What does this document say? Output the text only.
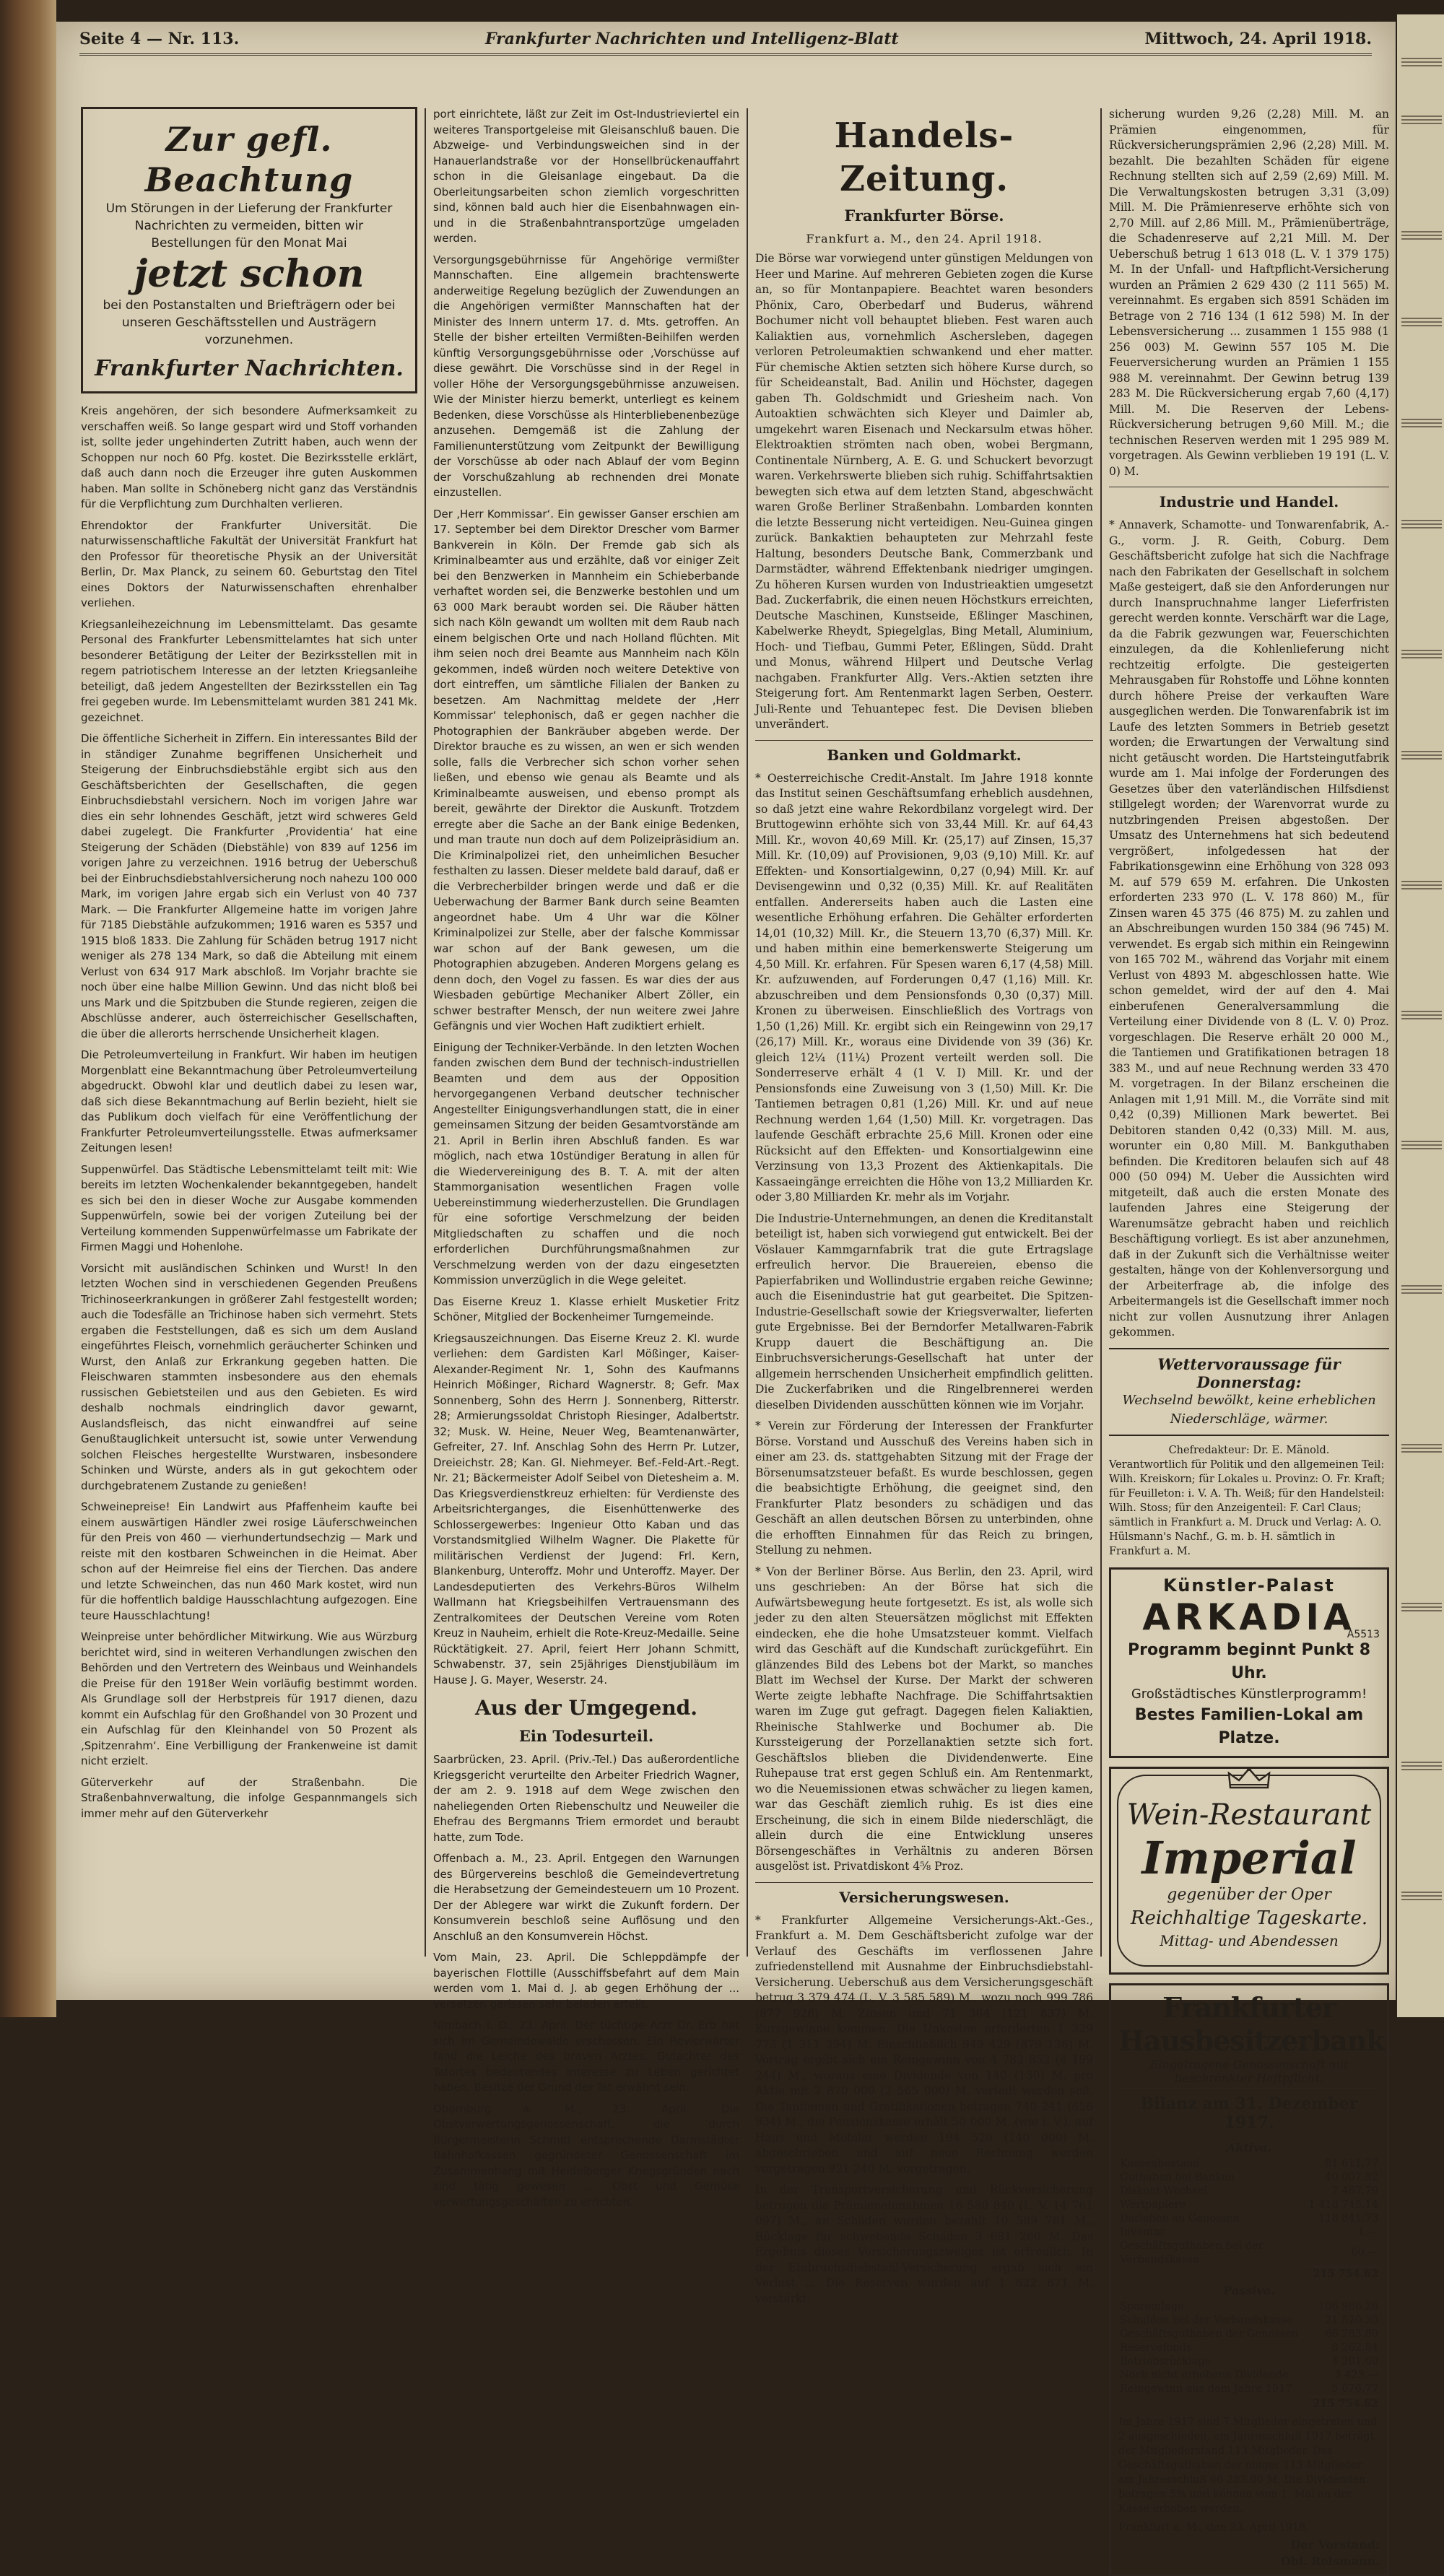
Seite 4 — Nr. 113.	Frankfurter Nachrichten und Intelligenz-Blatt	Mittwoch, 24. April 1918.
Zur gefl. Beachtung
Um Störungen in der Lieferung der Frankfurter Nachrichten zu vermeiden, bitten wir Bestellungen für den Monat Mai
jetzt schon
bei den Postanstalten und Briefträgern oder bei unseren Geschäftsstellen und Austrägern vorzunehmen.
Frankfurter Nachrichten.

Kreis angehören, der sich besondere Aufmerksamkeit zu verschaffen weiß. So lange gespart wird und Stoff vorhanden ist, sollte jeder ungehinderten Zutritt haben, auch wenn der Schoppen nur noch 60 Pfg. kostet. Die Bezirksstelle erklärt, daß auch dann noch die Erzeuger ihre guten Auskommen haben. Man sollte in Schöneberg nicht ganz das Verständnis für die Verpflichtung zum Durchhalten verlieren.

Ehrendoktor der Frankfurter Universität. Die naturwissenschaftliche Fakultät der Universität Frankfurt hat den Professor für theoretische Physik an der Universität Berlin, Dr. Max Planck, zu seinem 60. Geburtstag den Titel eines Doktors der Naturwissenschaften ehrenhalber verliehen.

Kriegsanleihezeichnung im Lebensmittelamt. Das gesamte Personal des Frankfurter Lebensmittelamtes hat sich unter besonderer Betätigung der Leiter der Bezirksstellen mit in regem patriotischem Interesse an der letzten Kriegsanleihe beteiligt, daß jedem Angestellten der Bezirksstellen ein Tag frei gegeben wurde. Im Lebensmittelamt wurden 381 241 Mk. gezeichnet.

Die öffentliche Sicherheit in Ziffern. Ein interessantes Bild der in ständiger Zunahme begriffenen Unsicherheit und Steigerung der Einbruchsdiebstähle ergibt sich aus den Geschäftsberichten der Gesellschaften, die gegen Einbruchsdiebstahl versichern. Noch im vorigen Jahre war dies ein sehr lohnendes Geschäft, jetzt wird schweres Geld dabei zugelegt. Die Frankfurter ‚Providentia‘ hat eine Steigerung der Schäden (Diebstähle) von 839 auf 1256 im vorigen Jahre zu verzeichnen. 1916 betrug der Ueberschuß bei der Einbruchsdiebstahlversicherung noch nahezu 100 000 Mark, im vorigen Jahre ergab sich ein Verlust von 40 737 Mark. — Die Frankfurter Allgemeine hatte im vorigen Jahre für 7185 Diebstähle aufzukommen; 1916 waren es 5357 und 1915 bloß 1833. Die Zahlung für Schäden betrug 1917 nicht weniger als 278 134 Mark, so daß die Abteilung mit einem Verlust von 634 917 Mark abschloß. Im Vorjahr brachte sie noch über eine halbe Million Gewinn. Und das nicht bloß bei uns Mark und die Spitzbuben die Stunde regieren, zeigen die Abschlüsse anderer, auch österreichischer Gesellschaften, die über die allerorts herrschende Unsicherheit klagen.

Die Petroleumverteilung in Frankfurt. Wir haben im heutigen Morgenblatt eine Bekanntmachung über Petroleumverteilung abgedruckt. Obwohl klar und deutlich dabei zu lesen war, daß sich diese Bekanntmachung auf Berlin bezieht, hielt sie das Publikum doch vielfach für eine Veröffentlichung der Frankfurter Petroleumverteilungsstelle. Etwas aufmerksamer Zeitungen lesen!

Suppenwürfel. Das Städtische Lebensmittelamt teilt mit: Wie bereits im letzten Wochenkalender bekanntgegeben, handelt es sich bei den in dieser Woche zur Ausgabe kommenden Suppenwürfeln, sowie bei der vorigen Zuteilung bei der Verteilung kommenden Suppenwürfelmasse um Fabrikate der Firmen Maggi und Hohenlohe.

Vorsicht mit ausländischen Schinken und Wurst! In den letzten Wochen sind in verschiedenen Gegenden Preußens Trichinoseerkrankungen in größerer Zahl festgestellt worden; auch die Todesfälle an Trichinose haben sich vermehrt. Stets ergaben die Feststellungen, daß es sich um dem Ausland eingeführtes Fleisch, vornehmlich geräucherter Schinken und Wurst, den Anlaß zur Erkrankung gegeben hatten. Die Fleischwaren stammten insbesondere aus den ehemals russischen Gebietsteilen und aus den Gebieten. Es wird deshalb nochmals eindringlich davor gewarnt, Auslandsfleisch, das nicht einwandfrei auf seine Genußtauglichkeit untersucht ist, sowie unter Verwendung solchen Fleisches hergestellte Wurstwaren, insbesondere Schinken und Würste, anders als in gut gekochtem oder durchgebratenem Zustande zu genießen!

Schweinepreise! Ein Landwirt aus Pfaffenheim kaufte bei einem auswärtigen Händler zwei rosige Läuferschweinchen für den Preis von 460 — vierhundertundsechzig — Mark und reiste mit den kostbaren Schweinchen in die Heimat. Aber schon auf der Heimreise fiel eins der Tierchen. Das andere und letzte Schweinchen, das nun 460 Mark kostet, wird nun für die hoffentlich baldige Hausschlachtung aufgezogen. Eine teure Hausschlachtung!

Weinpreise unter behördlicher Mitwirkung. Wie aus Würzburg berichtet wird, sind in weiteren Verhandlungen zwischen den Behörden und den Vertretern des Weinbaus und Weinhandels die Preise für den 1918er Wein vorläufig bestimmt worden. Als Grundlage soll der Herbstpreis für 1917 dienen, dazu kommt ein Aufschlag für den Großhandel von 30 Prozent und ein Aufschlag für den Kleinhandel von 50 Prozent als ‚Spitzenrahm‘. Eine Verbilligung der Frankenweine ist damit nicht erzielt.

Güterverkehr auf der Straßenbahn. Die Straßenbahnverwaltung, die infolge Gespannmangels sich immer mehr auf den Güterverkehr

port einrichtete, läßt zur Zeit im Ost-Industrieviertel ein weiteres Transportgeleise mit Gleisanschluß bauen. Die Abzweige- und Verbindungsweichen sind in der Hanauerlandstraße vor der Honsellbrückenauffahrt schon in die Gleisanlage eingebaut. Da die Oberleitungsarbeiten schon ziemlich vorgeschritten sind, können bald auch hier die Eisenbahnwagen ein- und in die Straßenbahntransportzüge umgeladen werden.

Versorgungsgebührnisse für Angehörige vermißter Mannschaften. Eine allgemein brachtenswerte anderweitige Regelung bezüglich der Zuwendungen an die Angehörigen vermißter Mannschaften hat der Minister des Innern unterm 17. d. Mts. getroffen. An Stelle der bisher erteilten Vermißten-Beihilfen werden künftig Versorgungsgebührnisse oder ‚Vorschüsse auf diese gewährt. Die Vorschüsse sind in der Regel in voller Höhe der Versorgungsgebührnisse anzuweisen. Wie der Minister hierzu bemerkt, unterliegt es keinem Bedenken, diese Vorschüsse als Hinterbliebenenbezüge anzusehen. Demgemäß ist die Zahlung der Familienunterstützung vom Zeitpunkt der Bewilligung der Vorschüsse ab oder nach Ablauf der vom Beginn der Vorschußzahlung ab rechnenden drei Monate einzustellen.

Der ‚Herr Kommissar‘. Ein gewisser Ganser erschien am 17. September bei dem Direktor Drescher vom Barmer Bankverein in Köln. Der Fremde gab sich als Kriminalbeamter aus und erzählte, daß vor einiger Zeit bei den Benzwerken in Mannheim ein Schieberbande verhaftet worden sei, die Benzwerke bestohlen und um 63 000 Mark beraubt worden sei. Die Räuber hätten sich nach Köln gewandt um wollten mit dem Raub nach einem belgischen Orte und nach Holland flüchten. Mit ihm seien noch drei Beamte aus Mannheim nach Köln gekommen, indeß würden noch weitere Detektive von dort eintreffen, um sämtliche Filialen der Banken zu besetzen. Am Nachmittag meldete der ‚Herr Kommissar‘ telephonisch, daß er gegen nachher die Photographien der Bankräuber abgeben werde. Der Direktor brauche es zu wissen, an wen er sich wenden solle, falls die Verbrecher sich schon vorher sehen ließen, und ebenso wie genau als Beamte und als Kriminalbeamte ausweisen, und ebenso prompt als bereit, gewährte der Direktor die Auskunft. Trotzdem erregte aber die Sache an der Bank einige Bedenken, und man traute nun doch auf dem Polizeipräsidium an. Die Kriminalpolizei riet, den unheimlichen Besucher festhalten zu lassen. Dieser meldete bald darauf, daß er die Verbrecherbilder bringen werde und daß er die Ueberwachung der Barmer Bank durch seine Beamten angeordnet habe. Um 4 Uhr war die Kölner Kriminalpolizei zur Stelle, aber der falsche Kommissar war schon auf der Bank gewesen, um die Photographien abzugeben. Anderen Morgens gelang es denn doch, den Vogel zu fassen. Es war dies der aus Wiesbaden gebürtige Mechaniker Albert Zöller, ein schwer bestrafter Mensch, der nun weitere zwei Jahre Gefängnis und vier Wochen Haft zudiktiert erhielt.

Einigung der Techniker-Verbände. In den letzten Wochen fanden zwischen dem Bund der technisch-industriellen Beamten und dem aus der Opposition hervorgegangenen Verband deutscher technischer Angestellter Einigungsverhandlungen statt, die in einer gemeinsamen Sitzung der beiden Gesamtvorstände am 21. April in Berlin ihren Abschluß fanden. Es war möglich, nach etwa 10stündiger Beratung in allen für die Wiedervereinigung des B. T. A. mit der alten Stammorganisation wesentlichen Fragen volle Uebereinstimmung wiederherzustellen. Die Grundlagen für eine sofortige Verschmelzung der beiden Mitgliedschaften zu schaffen und die noch erforderlichen Durchführungsmaßnahmen zur Verschmelzung werden von der dazu eingesetzten Kommission unverzüglich in die Wege geleitet.

Das Eiserne Kreuz 1. Klasse erhielt Musketier Fritz Schöner, Mitglied der Bockenheimer Turngemeinde.

Kriegsauszeichnungen. Das Eiserne Kreuz 2. Kl. wurde verliehen: dem Gardisten Karl Mößinger, Kaiser-Alexander-Regiment Nr. 1, Sohn des Kaufmanns Heinrich Mößinger, Richard Wagnerstr. 8; Gefr. Max Sonnenberg, Sohn des Herrn J. Sonnenberg, Ritterstr. 28; Armierungssoldat Christoph Riesinger, Adalbertstr. 32; Musk. W. Heine, Neuer Weg, Beamtenanwärter, Gefreiter, 27. Inf. Anschlag Sohn des Herrn Pr. Lutzer, Dreieichstr. 28; Kan. Gl. Niehmeyer. Bef.-Feld-Art.-Regt. Nr. 21; Bäckermeister Adolf Seibel von Dietesheim a. M. Das Kriegsverdienstkreuz erhielten: für Verdienste des Arbeitsrichterganges, die Eisenhüttenwerke des Schlossergewerbes: Ingenieur Otto Kaban und das Vorstandsmitglied Wilhelm Wagner. Die Plakette für militärischen Verdienst der Jugend: Frl. Kern, Blankenburg, Unteroffz. Mohr und Unteroffz. Mayer. Der Landesdeputierten des Verkehrs-Büros Wilhelm Wallmann hat Kriegsbeihilfen Vertrauensmann des Zentralkomitees der Deutschen Vereine vom Roten Kreuz in Nauheim, erhielt die Rote-Kreuz-Medaille. Seine Rücktätigkeit. 27. April, feiert Herr Johann Schmitt, Schwabenstr. 37, sein 25jähriges Dienstjubiläum im Hause J. G. Mayer, Weserstr. 24.

Aus der Umgegend.
Ein Todesurteil.

Saarbrücken, 23. April. (Priv.-Tel.) Das außerordentliche Kriegsgericht verurteilte den Arbeiter Friedrich Wagner, der am 2. 9. 1918 auf dem Wege zwischen den naheliegenden Orten Riebenschultz und Neuweiler die Ehefrau des Bergmanns Triem ermordet und beraubt hatte, zum Tode.

Offenbach a. M., 23. April. Entgegen den Warnungen des Bürgervereins beschloß die Gemeindevertretung die Herabsetzung der Gemeindesteuern um 10 Prozent. Der der Ablegere war wirkt die Zukunft fordern. Der Konsumverein beschloß seine Auflösung und den Anschluß an den Konsumverein Höchst.

Vom Main, 23. April. Die Schleppdämpfe der bayerischen Flottille (Ausschiffsbefahrt auf dem Main werden vom 1. Mai d. J. ab gegen Erhöhung der ... versetzen gerissen sehr beladen erteilt.

Nimbach i. O., 23. April. Der tüchtige Arzt Dr. Erb hat sich im Gemeindewalde erschossen. Ein Revierwärter fand die Leiche des braven Arztes. Gutachter des Tatortes bedeutendes Interesse zu Leben gerichtet haben. Besitze der Grund der Tat erwähnt sein.

Obernburg a. M., 23. April. Die Obstverwertungsgenossenschaft, die durch Bürgermeisterin Schmitt entsprechende Darmstädter Bahnhofkassen gegründeter Genossenschaft im Zusammenhang mit Heidelberger Kriegsgründen nach sind tätig gewesen ... Obst und Gemüse verwertungsgeschäften zu errichten.

Handels-Zeitung.
Frankfurter Börse.
Frankfurt a. M., den 24. April 1918.

Die Börse war vorwiegend unter günstigen Meldungen von Heer und Marine. Auf mehreren Gebieten zogen die Kurse an, so für Montanpapiere. Beachtet waren besonders Phönix, Caro, Oberbedarf und Buderus, während Bochumer nicht voll behauptet blieben. Fest waren auch Kaliaktien aus, vornehmlich Aschersleben, dagegen verloren Petroleumaktien schwankend und eher matter. Für chemische Aktien setzten sich höhere Kurse durch, so für Scheideanstalt, Bad. Anilin und Höchster, dagegen gaben Th. Goldschmidt und Griesheim nach. Von Autoaktien schwächten sich Kleyer und Daimler ab, umgekehrt waren Eisenach und Neckarsulm etwas höher. Elektroaktien strömten nach oben, wobei Bergmann, Continentale Nürnberg, A. E. G. und Schuckert bevorzugt waren. Verkehrswerte blieben sich ruhig. Schiffahrtsaktien bewegten sich etwa auf dem letzten Stand, abgeschwächt waren Große Berliner Straßenbahn. Lombarden konnten die letzte Besserung nicht verteidigen. Neu-Guinea gingen zurück. Bankaktien behaupteten zur Mehrzahl feste Haltung, besonders Deutsche Bank, Commerzbank und Darmstädter, während Effektenbank niedriger umgingen. Zu höheren Kursen wurden von Industrieaktien umgesetzt Bad. Zuckerfabrik, die einen neuen Höchstkurs erreichten, Deutsche Maschinen, Kunstseide, Eßlinger Maschinen, Kabelwerke Rheydt, Spiegelglas, Bing Metall, Aluminium, Hoch- und Tiefbau, Gummi Peter, Eßlingen, Südd. Draht und Monus, während Hilpert und Deutsche Verlag nachgaben. Frankfurter Allg. Vers.-Aktien setzten ihre Steigerung fort. Am Rentenmarkt lagen Serben, Oesterr. Juli-Rente und Tehuantepec fest. Die Devisen blieben unverändert.

Banken und Goldmarkt.

* Oesterreichische Credit-Anstalt. Im Jahre 1918 konnte das Institut seinen Geschäftsumfang erheblich ausdehnen, so daß jetzt eine wahre Rekordbilanz vorgelegt wird. Der Bruttogewinn erhöhte sich von 33,44 Mill. Kr. auf 64,43 Mill. Kr., wovon 40,69 Mill. Kr. (25,17) auf Zinsen, 15,37 Mill. Kr. (10,09) auf Provisionen, 9,03 (9,10) Mill. Kr. auf Effekten- und Konsortialgewinn, 0,27 (0,94) Mill. Kr. auf Devisengewinn und 0,32 (0,35) Mill. Kr. auf Realitäten entfallen. Andererseits haben auch die Lasten eine wesentliche Erhöhung erfahren. Die Gehälter erforderten 14,01 (10,32) Mill. Kr., die Steuern 13,70 (6,37) Mill. Kr. und haben mithin eine bemerkenswerte Steigerung um 4,50 Mill. Kr. erfahren. Für Spesen waren 6,17 (4,58) Mill. Kr. aufzuwenden, auf Forderungen 0,47 (1,16) Mill. Kr. abzuschreiben und dem Pensionsfonds 0,30 (0,37) Mill. Kronen zu überweisen. Einschließlich des Vortrags von 1,50 (1,26) Mill. Kr. ergibt sich ein Reingewinn von 29,17 (26,17) Mill. Kr., woraus eine Dividende von 39 (36) Kr. gleich 12¼ (11¼) Prozent verteilt werden soll. Die Sonderreserve erhält 4 (1 V. I) Mill. Kr. und der Pensionsfonds eine Zuweisung von 3 (1,50) Mill. Kr. Die Tantiemen betragen 0,81 (1,26) Mill. Kr. und auf neue Rechnung werden 1,64 (1,50) Mill. Kr. vorgetragen. Das laufende Geschäft erbrachte 25,6 Mill. Kronen oder eine Rücksicht auf den Effekten- und Konsortialgewinn eine Verzinsung von 13,3 Prozent des Aktienkapitals. Die Kassaeingänge erreichten die Höhe von 13,2 Milliarden Kr. oder 3,80 Milliarden Kr. mehr als im Vorjahr.

Die Industrie-Unternehmungen, an denen die Kreditanstalt beteiligt ist, haben sich vorwiegend gut entwickelt. Bei der Vöslauer Kammgarnfabrik trat die gute Ertragslage erfreulich hervor. Die Brauereien, ebenso die Papierfabriken und Wollindustrie ergaben reiche Gewinne; auch die Eisenindustrie hat gut gearbeitet. Die Spitzen-Industrie-Gesellschaft sowie der Kriegsverwalter, lieferten gute Ergebnisse. Bei der Berndorfer Metallwaren-Fabrik Krupp dauert die Beschäftigung an. Die Einbruchsversicherungs-Gesellschaft hat unter der allgemein herrschenden Unsicherheit empfindlich gelitten. Die Zuckerfabriken und die Ringelbrennerei werden dieselben Dividenden ausschütten können wie im Vorjahr.

* Verein zur Förderung der Interessen der Frankfurter Börse. Vorstand und Ausschuß des Vereins haben sich in einer am 23. ds. stattgehabten Sitzung mit der Frage der Börsenumsatzsteuer befaßt. Es wurde beschlossen, gegen die beabsichtigte Erhöhung, die geeignet sind, den Frankfurter Platz besonders zu schädigen und das Geschäft an allen deutschen Börsen zu unterbinden, ohne die erhofften Einnahmen für das Reich zu bringen, Stellung zu nehmen.

* Von der Berliner Börse. Aus Berlin, den 23. April, wird uns geschrieben: An der Börse hat sich die Aufwärtsbewegung heute fortgesetzt. Es ist, als wolle sich jeder zu den alten Steuersätzen möglichst mit Effekten eindecken, ehe die hohe Umsatzsteuer kommt. Vielfach wird das Geschäft auf die Kundschaft zurückgeführt. Ein glänzendes Bild des Lebens bot der Markt, so manches Blatt im Wechsel der Kurse. Der Markt der schweren Werte zeigte lebhafte Nachfrage. Die Schiffahrtsaktien waren im Zuge gut gefragt. Dagegen fielen Kaliaktien, Rheinische Stahlwerke und Bochumer ab. Die Kurssteigerung der Porzellanaktien setzte sich fort. Geschäftslos blieben die Dividendenwerte. Eine Ruhepause trat erst gegen Schluß ein. Am Rentenmarkt, wo die Neuemissionen etwas schwächer zu liegen kamen, war das Geschäft ziemlich ruhig. Es ist dies eine Erscheinung, die sich in einem Bilde niederschlägt, die allein durch die eine Entwicklung unseres Börsengeschäftes in Verhältnis zu anderen Börsen ausgelöst ist. Privatdiskont 4⅝ Proz.

Versicherungswesen.

* Frankfurter Allgemeine Versicherungs-Akt.-Ges., Frankfurt a. M. Dem Geschäftsbericht zufolge war der Verlauf des Geschäfts im verflossenen Jahre zufriedenstellend mit Ausnahme der Einbruchsdiebstahl-Versicherung. Ueberschuß aus dem Versicherungsgeschäft betrug 3 379 474 (L. V. 3 585 589) M., wozu noch 999 786 (877 926) M. Zinsen und 71 364 (121 837) M. Kursgewinne kommen. Die Unkosten erforderten 1 329 773 (1 311 394) M. Einschließlich 949 429 (879 136) M. Vortrag ergibt sich ein Reingewinn von 4 782 852 (4 199 244) M., woraus eine Dividende von 140 (130) M. pro Aktie mit 2 870 000 (2 565 000) M. verteilt werden soll. Die Tantiemen und Gratifikationen betragen 740 241 (656 934) M., die Pensionskasse erhält 50 000 M. (wie i. V.), auf Haus und Mobilar werden 194 520 (140 000) M. abgeschrieben und auf neue Rechnung werden vorgetragen 921 240 M. vorgetragen.

In der Transportversicherung und Rückversicherung betrugen die Prämieneinnahmen 16 580 840 (L. V. 14 761 097) M., an Schäden wurden bezahlt 10 589 781 M., Rücklage für schwebende Schäden 3 681 260 M. Das Ergebnis dieses Versicherungszweiges ist erfreulich. In der Einbruchsdiebstahl-Versicherung ergab sich ein Verlust ... Die Reserven wurden auf 1 622 871 M. verstärkt.

sicherung wurden 9,26 (2,28) Mill. M. an Prämien eingenommen, für Rückversicherungsprämien 2,96 (2,28) Mill. M. bezahlt. Die bezahlten Schäden für eigene Rechnung stellten sich auf 2,59 (2,69) Mill. M. Die Verwaltungskosten betrugen 3,31 (3,09) Mill. M. Die Prämienreserve erhöhte sich von 2,70 Mill. auf 2,86 Mill. M., Prämienüberträge, die Schadenreserve auf 2,21 Mill. M. Der Ueberschuß betrug 1 613 018 (L. V. 1 379 175) M. In der Unfall- und Haftpflicht-Versicherung wurden an Prämien 2 629 430 (2 111 565) M. vereinnahmt. Es ergaben sich 8591 Schäden im Betrage von 2 716 134 (1 612 598) M. In der Lebensversicherung ... zusammen 1 155 988 (1 256 003) M. Gewinn 557 105 M. Die Feuerversicherung wurden an Prämien 1 155 988 M. vereinnahmt. Der Gewinn betrug 139 283 M. Die Rückversicherung ergab 7,60 (4,17) Mill. M. Die Reserven der Lebens-Rückversicherung betrugen 9,60 Mill. M.; die technischen Reserven werden mit 1 295 989 M. vorgetragen. Als Gewinn verblieben 19 191 (L. V. 0) M.

Industrie und Handel.

* Annaverk, Schamotte- und Tonwarenfabrik, A.-G., vorm. J. R. Geith, Coburg. Dem Geschäftsbericht zufolge hat sich die Nachfrage nach den Fabrikaten der Gesellschaft in solchem Maße gesteigert, daß sie den Anforderungen nur durch Inanspruchnahme langer Lieferfristen gerecht werden konnte. Verschärft war die Lage, da die Fabrik gezwungen war, Feuerschichten einzulegen, da die Kohlenlieferung nicht rechtzeitig erfolgte. Die gesteigerten Mehrausgaben für Rohstoffe und Löhne konnten durch höhere Preise der verkauften Ware ausgeglichen werden. Die Tonwarenfabrik ist im Laufe des letzten Sommers in Betrieb gesetzt worden; die Erwartungen der Verwaltung sind nicht getäuscht worden. Die Hartsteingutfabrik wurde am 1. Mai infolge der Forderungen des Gesetzes über den vaterländischen Hilfsdienst stillgelegt worden; der Warenvorrat wurde zu nutzbringenden Preisen abgestoßen. Der Umsatz des Unternehmens hat sich bedeutend vergrößert, infolgedessen hat der Fabrikationsgewinn eine Erhöhung von 328 093 M. auf 579 659 M. erfahren. Die Unkosten erforderten 233 970 (L. V. 178 860) M., für Zinsen waren 45 375 (46 875) M. zu zahlen und an Abschreibungen wurden 150 384 (96 745) M. verwendet. Es ergab sich mithin ein Reingewinn von 165 702 M., während das Vorjahr mit einem Verlust von 4893 M. abgeschlossen hatte. Wie schon gemeldet, wird der auf den 4. Mai einberufenen Generalversammlung die Verteilung einer Dividende von 8 (L. V. 0) Proz. vorgeschlagen. Die Reserve erhält 20 000 M., die Tantiemen und Gratifikationen betragen 18 383 M., und auf neue Rechnung werden 33 470 M. vorgetragen. In der Bilanz erscheinen die Anlagen mit 1,91 Mill. M., die Vorräte sind mit 0,42 (0,39) Millionen Mark bewertet. Bei Debitoren standen 0,42 (0,33) Mill. M. aus, worunter ein 0,80 Mill. M. Bankguthaben befinden. Die Kreditoren belaufen sich auf 48 000 (50 094) M. Ueber die Aussichten wird mitgeteilt, daß auch die ersten Monate des laufenden Jahres eine Steigerung der Warenumsätze gebracht haben und reichlich Beschäftigung vorliegt. Es ist aber anzunehmen, daß in der Zukunft sich die Verhältnisse weiter gestalten, hänge von der Kohlenversorgung und der Arbeiterfrage ab, die infolge des Arbeitermangels ist die Gesellschaft immer noch nicht zur vollen Ausnutzung ihrer Anlagen gekommen.

Wettervoraussage für Donnerstag:
Wechselnd bewölkt, keine erheblichen Niederschläge, wärmer.
Chefredakteur: Dr. E. Mänold.
Verantwortlich für Politik und den allgemeinen Teil: Wilh. Kreiskorn; für Lokales u. Provinz: O. Fr. Kraft; für Feuilleton: i. V. A. Th. Weiß; für den Handelsteil: Wilh. Stoss; für den Anzeigenteil: F. Carl Claus; sämtlich in Frankfurt a. M. Druck und Verlag: A. O. Hülsmann's Nachf., G. m. b. H. sämtlich in Frankfurt a. M.
Künstler-Palast
ARKADIA
A5513
Programm beginnt Punkt 8 Uhr.
Großstädtisches Künstlerprogramm!
Bestes Familien-Lokal am Platze.
Wein-Restaurant
Imperial
gegenüber der Oper
Reichhaltige Tageskarte.
Mittag- und Abendessen
Frankfurter Hausbesitzerbank
Eingetragene Genossenschaft mit beschränkter Haftpflicht.
Bilanz am 31. Dezember 1917.
Aktiva.
Kassenbestand	81 611.77
Guthaben bei Banken	40 007.82
Diskont-Wechsel	7 467.79
Wertpapiere	1 418 745.14
Darlehen an Genossen	118 841.73
Inventar	1.—
Geschäftsguthaben bei der Verbandskasse	60.—
	215 754.62
Passiva.
Spareinlage	106 986.26
Schulden bei der Verbandskasse	21 520.35
Geschäftsguthaben der Genossen	66 283.80
Reservefonds	8 262.84
Betriebsrücklage	4 201.60
Noch nicht erhobene Dividende	3 423.—
Reingewinn aus dem Jahre 1917	5 076.77
	215 754.62
Im Jahre 1917 sind 7 Mitglieder eingetreten und 2 ausgeschieden, am Jahresschluß 1917 beträgt der Mitgliederstand 113 Mitglieder. Das Geschäftsguthaben der obiger 113 Mitglieder am Jahresschluß 66 283.80 M. Die Dividenden betragen 5% und können vom 1. Mai an der Kasse erhoben werden.
Frankfurt a. M., den 23. April 1918.
Der Vorstand:
Obl. Reismann.
